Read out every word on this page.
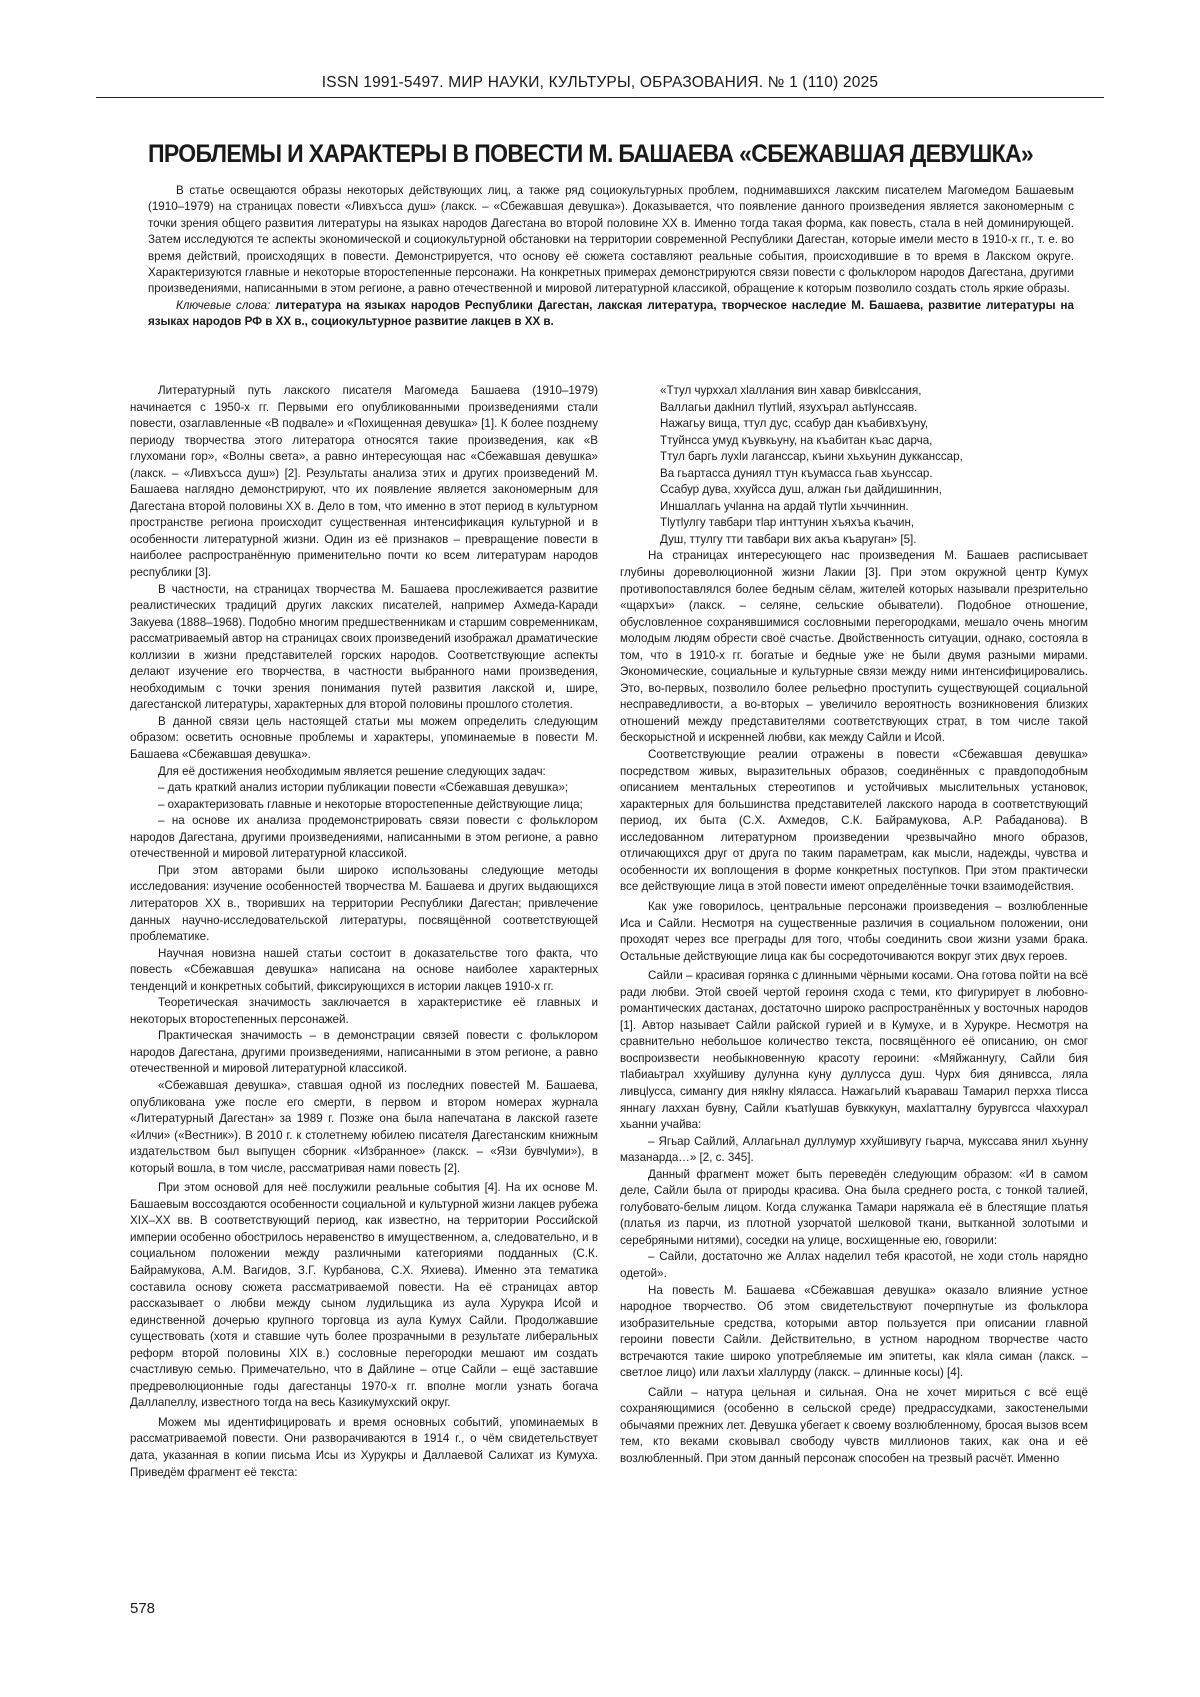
ISSN 1991-5497. МИР НАУКИ, КУЛЬТУРЫ, ОБРАЗОВАНИЯ. № 1 (110) 2025
ПРОБЛЕМЫ И ХАРАКТЕРЫ В ПОВЕСТИ М. БАШАЕВА «СБЕЖАВШАЯ ДЕВУШКА»

В статье освещаются образы некоторых действующих лиц, а также ряд социокультурных проблем, поднимавшихся лакским писателем Магомедом Башаевым (1910–1979) на страницах повести «Ливхъсса душ» (лакск. – «Сбежавшая девушка»). Доказывается, что появление данного произведения является закономерным с точки зрения общего развития литературы на языках народов Дагестана во второй половине XX в. Именно тогда такая форма, как повесть, стала в ней доминирующей. Затем исследуются те аспекты экономической и социокультурной обстановки на территории современной Республики Дагестан, которые имели место в 1910-х гг., т. е. во время действий, происходящих в повести. Демонстрируется, что основу её сюжета составляют реальные события, происходившие в то время в Лакском округе. Характеризуются главные и некоторые второстепенные персонажи. На конкретных примерах демонстрируются связи повести с фольклором народов Дагестана, другими произведениями, написанными в этом регионе, а равно отечественной и мировой литературной классикой, обращение к которым позволило создать столь яркие образы.

Ключевые слова: литература на языках народов Республики Дагестан, лакская литература, творческое наследие М. Башаева, развитие литературы на языках народов РФ в XX в., социокультурное развитие лакцев в XX в.

Литературный путь лакского писателя Магомеда Башаева (1910–1979) начинается с 1950-х гг. Первыми его опубликованными произведениями стали повести, озаглавленные «В подвале» и «Похищенная девушка» [1]. К более позднему периоду творчества этого литератора относятся такие произведения, как «В глухомани гор», «Волны света», а равно интересующая нас «Сбежавшая девушка» (лакск. – «Ливхъсса душ») [2]. Результаты анализа этих и других произведений М. Башаева наглядно демонстрируют, что их появление является закономерным для Дагестана второй половины XX в. Дело в том, что именно в этот период в культурном пространстве региона происходит существенная интенсификация культурной и в особенности литературной жизни. Один из её признаков – превращение повести в наиболее распространённую применительно почти ко всем литературам народов республики [3].

В частности, на страницах творчества М. Башаева прослеживается развитие реалистических традиций других лакских писателей, например Ахмеда-Каради Закуева (1888–1968). Подобно многим предшественникам и старшим современникам, рассматриваемый автор на страницах своих произведений изображал драматические коллизии в жизни представителей горских народов. Соответствующие аспекты делают изучение его творчества, в частности выбранного нами произведения, необходимым с точки зрения понимания путей развития лакской и, шире, дагестанской литературы, характерных для второй половины прошлого столетия.

В данной связи цель настоящей статьи мы можем определить следующим образом: осветить основные проблемы и характеры, упоминаемые в повести М. Башаева «Сбежавшая девушка».

Для её достижения необходимым является решение следующих задач:

– дать краткий анализ истории публикации повести «Сбежавшая девушка»;

– охарактеризовать главные и некоторые второстепенные действующие лица;

– на основе их анализа продемонстрировать связи повести с фольклором народов Дагестана, другими произведениями, написанными в этом регионе, а равно отечественной и мировой литературной классикой.

При этом авторами были широко использованы следующие методы исследования: изучение особенностей творчества М. Башаева и других выдающихся литераторов XX в., творивших на территории Республики Дагестан; привлечение данных научно-исследовательской литературы, посвящённой соответствующей проблематике.

Научная новизна нашей статьи состоит в доказательстве того факта, что повесть «Сбежавшая девушка» написана на основе наиболее характерных тенденций и конкретных событий, фиксирующихся в истории лакцев 1910-х гг.

Теоретическая значимость заключается в характеристике её главных и некоторых второстепенных персонажей.

Практическая значимость – в демонстрации связей повести с фольклором народов Дагестана, другими произведениями, написанными в этом регионе, а равно отечественной и мировой литературной классикой.

«Сбежавшая девушка», ставшая одной из последних повестей М. Башаева, опубликована уже после его смерти, в первом и втором номерах журнала «Литературный Дагестан» за 1989 г. Позже она была напечатана в лакской газете «Илчи» («Вестник»). В 2010 г. к столетнему юбилею писателя Дагестанским книжным издательством был выпущен сборник «Избранное» (лакск. – «Язи бувчlуми»), в который вошла, в том числе, рассматривая нами повесть [2].

При этом основой для неё послужили реальные события [4]. На их основе М. Башаевым воссоздаются особенности социальной и культурной жизни лакцев рубежа XIX–XX вв. В соответствующий период, как известно, на территории Российской империи особенно обострилось неравенство в имущественном, а, следовательно, и в социальном положении между различными категориями подданных (С.К. Байрамукова, А.М. Вагидов, З.Г. Курбанова, С.Х. Яхиева). Именно эта тематика составила основу сюжета рассматриваемой повести. На её страницах автор рассказывает о любви между сыном лудильщика из аула Хурукра Исой и единственной дочерью крупного торговца из аула Кумух Сайли. Продолжавшие существовать (хотя и ставшие чуть более прозрачными в результате либеральных реформ второй половины XIX в.) сословные перегородки мешают им создать счастливую семью. Примечательно, что в Дайлине – отце Сайли – ещё заставшие предреволюционные годы дагестанцы 1970-х гг. вполне могли узнать богача Даллапеллу, известного тогда на весь Казикумухский округ.

Можем мы идентифицировать и время основных событий, упоминаемых в рассматриваемой повести. Они разворачиваются в 1914 г., о чём свидетельствует дата, указанная в копии письма Исы из Хурукры и Даллаевой Салихат из Кумуха. Приведём фрагмент её текста:

«Ттул чурххал хlаллания вин хавар бивкlссания,

Валлагьи дакlнил тlутlий, язухърал аьтlунссаяв.

Нажагьу вища, ттул дус, ссабур дан къабивхъуну,

Ттуйнсса умуд къувкьуну, на къабитан къас дарча,

Ттул баргь лухlи лаганссар, къини хьхьунин дукканссар,

Ва гьартасса дуниял ттун къумасса гьав хьунссар.

Ссабур дува, ххуйсса душ, алжан гьи дайдишиннин,

Иншаллагь учlанна на ардай тlутlи хьччиннин.

Тlутlулгу тавбари тlар инттунин хъяхъа къачин,

Душ, ттулгу тти тавбари вих акъа къаруган» [5].

На страницах интересующего нас произведения М. Башаев расписывает глубины дореволюционной жизни Лакии [3]. При этом окружной центр Кумух противопоставлялся более бедным сёлам, жителей которых называли презрительно «щархъи» (лакск. – селяне, сельские обыватели). Подобное отношение, обусловленное сохранявшимися сословными перегородками, мешало очень многим молодым людям обрести своё счастье. Двойственность ситуации, однако, состояла в том, что в 1910-х гг. богатые и бедные уже не были двумя разными мирами. Экономические, социальные и культурные связи между ними интенсифицировались. Это, во-первых, позволило более рельефно проступить существующей социальной несправедливости, а во-вторых – увеличило вероятность возникновения близких отношений между представителями соответствующих страт, в том числе такой бескорыстной и искренней любви, как между Сайли и Исой.

Соответствующие реалии отражены в повести «Сбежавшая девушка» посредством живых, выразительных образов, соединённых с правдоподобным описанием ментальных стереотипов и устойчивых мыслительных установок, характерных для большинства представителей лакского народа в соответствующий период, их быта (С.Х. Ахмедов, С.К. Байрамукова, А.Р. Рабаданова). В исследованном литературном произведении чрезвычайно много образов, отличающихся друг от друга по таким параметрам, как мысли, надежды, чувства и особенности их воплощения в форме конкретных поступков. При этом практически все действующие лица в этой повести имеют определённые точки взаимодействия.

Как уже говорилось, центральные персонажи произведения – возлюбленные Иса и Сайли. Несмотря на существенные различия в социальном положении, они проходят через все преграды для того, чтобы соединить свои жизни узами брака. Остальные действующие лица как бы сосредоточиваются вокруг этих двух героев.

Сайли – красивая горянка с длинными чёрными косами. Она готова пойти на всё ради любви. Этой своей чертой героиня схода с теми, кто фигурирует в любовно-романтических дастанах, достаточно широко распространённых у восточных народов [1]. Автор называет Сайли райской гурией и в Кумухе, и в Хурукре. Несмотря на сравнительно небольшое количество текста, посвящённого её описанию, он смог воспроизвести необыкновенную красоту героини: «Мяйжаннугу, Сайли бия тlабиаьтрал ххуйшиву дулунна куну дуллусса душ. Чурх бия дянивсса, ляла ливцlусса, симангу дия някlну кlяласса. Нажагьлий къараваш Тамарил перхха тlисса яннагу лаххан бувну, Сайли къатlушав бувккукун, махlатталну бурувгсса чlаххурал хьанни учайва:

– Ягьар Сайлий, Аллагьнал дуллумур ххуйшивугу гьарча, мукссава янил хьунну мазанарда…» [2, с. 345].

Данный фрагмент может быть переведён следующим образом: «И в самом деле, Сайли была от природы красива. Она была среднего роста, с тонкой талией, голубовато-белым лицом. Когда служанка Тамари наряжала её в блестящие платья (платья из парчи, из плотной узорчатой шелковой ткани, вытканной золотыми и серебряными нитями), соседки на улице, восхищенные ею, говорили:

– Сайли, достаточно же Аллах наделил тебя красотой, не ходи столь нарядно одетой».

На повесть М. Башаева «Сбежавшая девушка» оказало влияние устное народное творчество. Об этом свидетельствуют почерпнутые из фольклора изобразительные средства, которыми автор пользуется при описании главной героини повести Сайли. Действительно, в устном народном творчестве часто встречаются такие широко употребляемые им эпитеты, как кlяла симан (лакск. – светлое лицо) или лахъи хlаллурду (лакск. – длинные косы) [4].

Сайли – натура цельная и сильная. Она не хочет мириться с всё ещё сохраняющимися (особенно в сельской среде) предрассудками, закостенелыми обычаями прежних лет. Девушка убегает к своему возлюбленному, бросая вызов всем тем, кто веками сковывал свободу чувств миллионов таких, как она и её возлюбленный. При этом данный персонаж способен на трезвый расчёт. Именно

578
